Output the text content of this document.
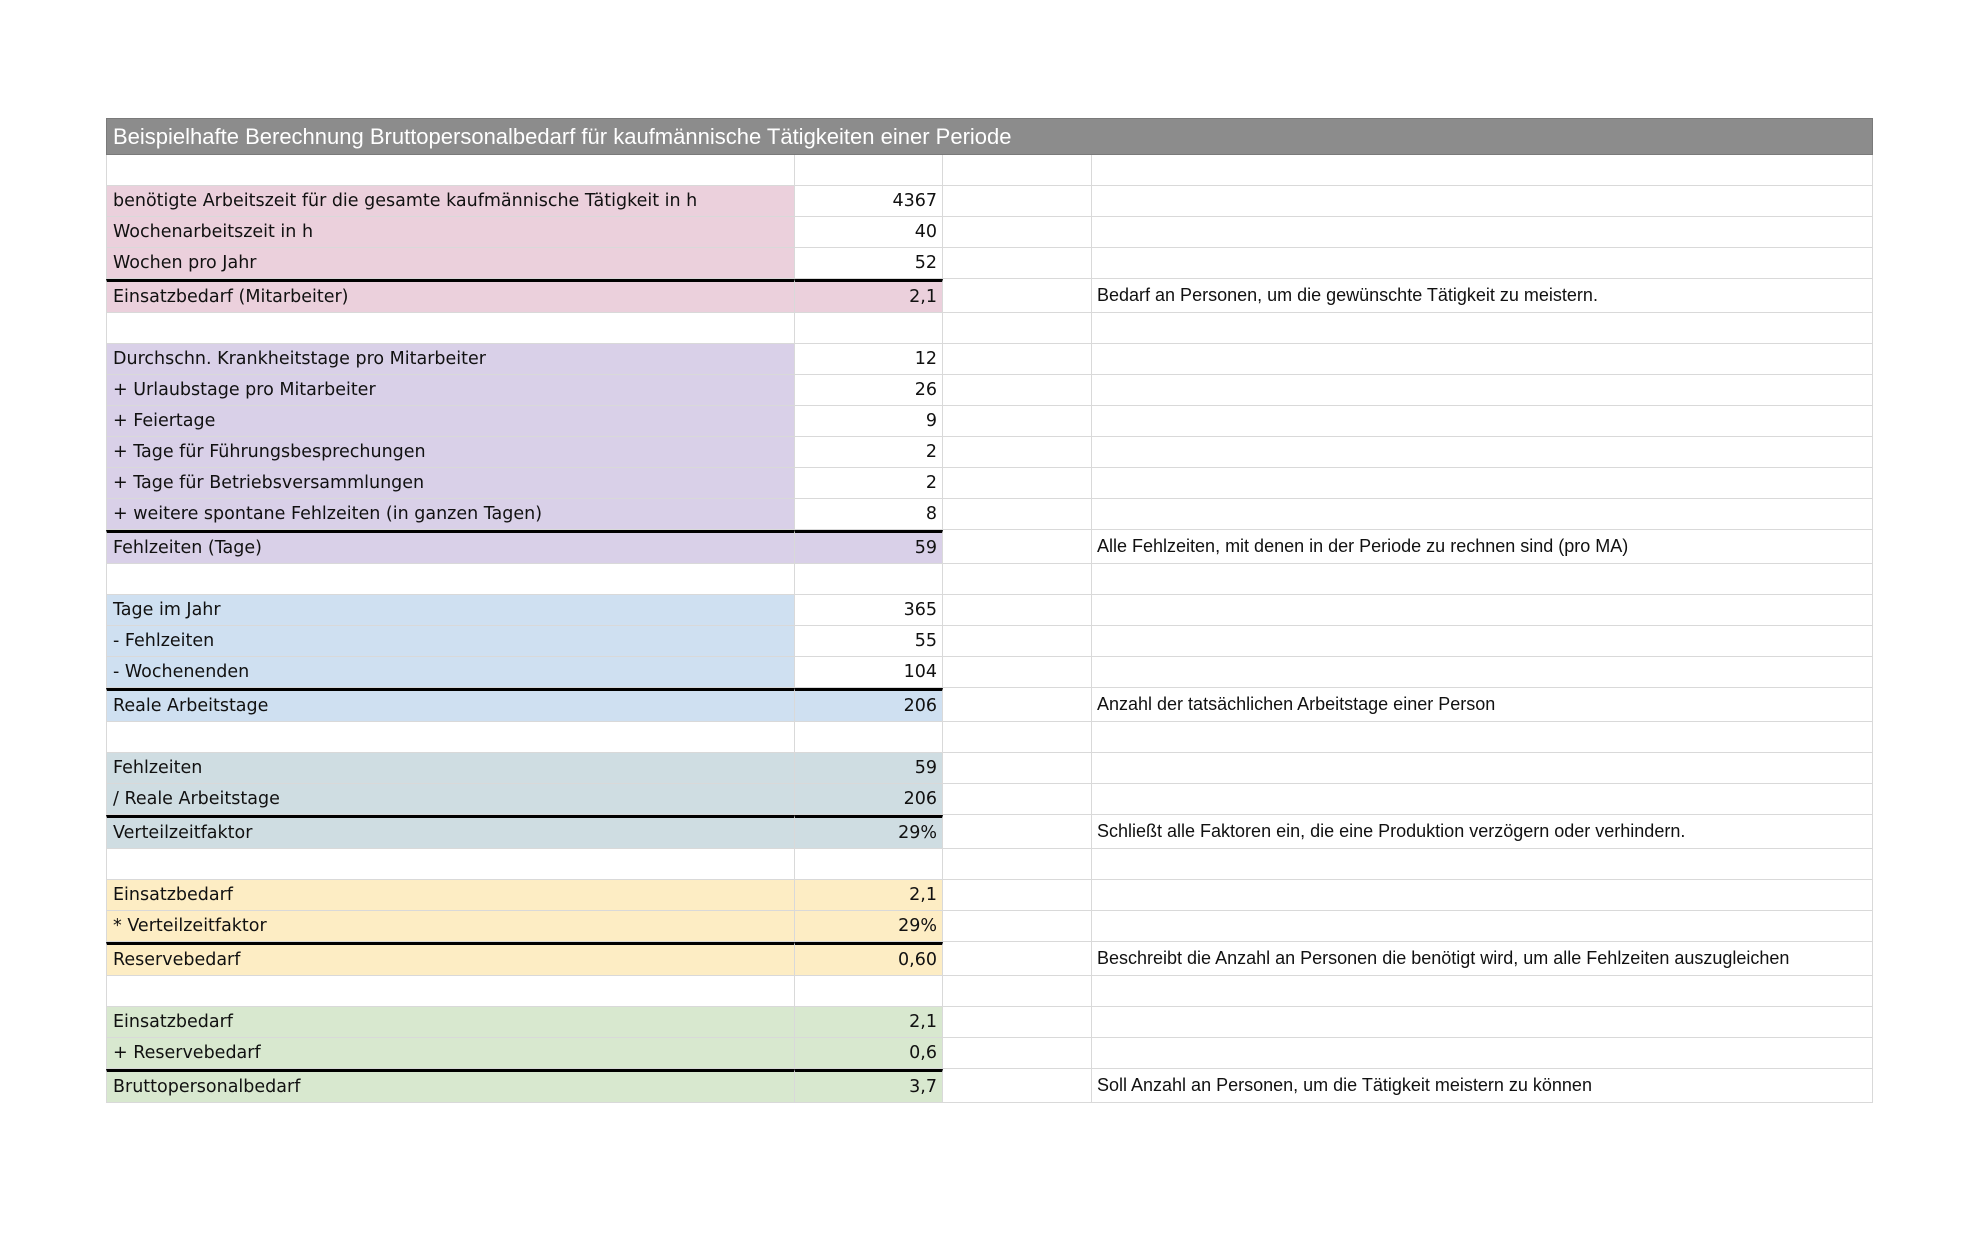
Beispielhafte Berechnung Bruttopersonalbedarf für kaufmännische Tätigkeiten einer Periode
benötigte Arbeitszeit für die gesamte kaufmännische Tätigkeit in h	4367
Wochenarbeitszeit in h	40
Wochen pro Jahr	52
Einsatzbedarf (Mitarbeiter)	2,1	Bedarf an Personen, um die gewünschte Tätigkeit zu meistern.
Durchschn. Krankheitstage pro Mitarbeiter	12
+ Urlaubstage pro Mitarbeiter	26
+ Feiertage	9
+ Tage für Führungsbesprechungen	2
+ Tage für Betriebsversammlungen	2
+ weitere spontane Fehlzeiten (in ganzen Tagen)	8
Fehlzeiten (Tage)	59	Alle Fehlzeiten, mit denen in der Periode zu rechnen sind (pro MA)
Tage im Jahr	365
- Fehlzeiten	55
- Wochenenden	104
Reale Arbeitstage	206	Anzahl der tatsächlichen Arbeitstage einer Person
Fehlzeiten	59
/ Reale Arbeitstage	206
Verteilzeitfaktor	29%	Schließt alle Faktoren ein, die eine Produktion verzögern oder verhindern.
Einsatzbedarf	2,1
* Verteilzeitfaktor	29%
Reservebedarf	0,60	Beschreibt die Anzahl an Personen die benötigt wird, um alle Fehlzeiten auszugleichen
Einsatzbedarf	2,1
+ Reservebedarf	0,6
Bruttopersonalbedarf	3,7	Soll Anzahl an Personen, um die Tätigkeit meistern zu können
